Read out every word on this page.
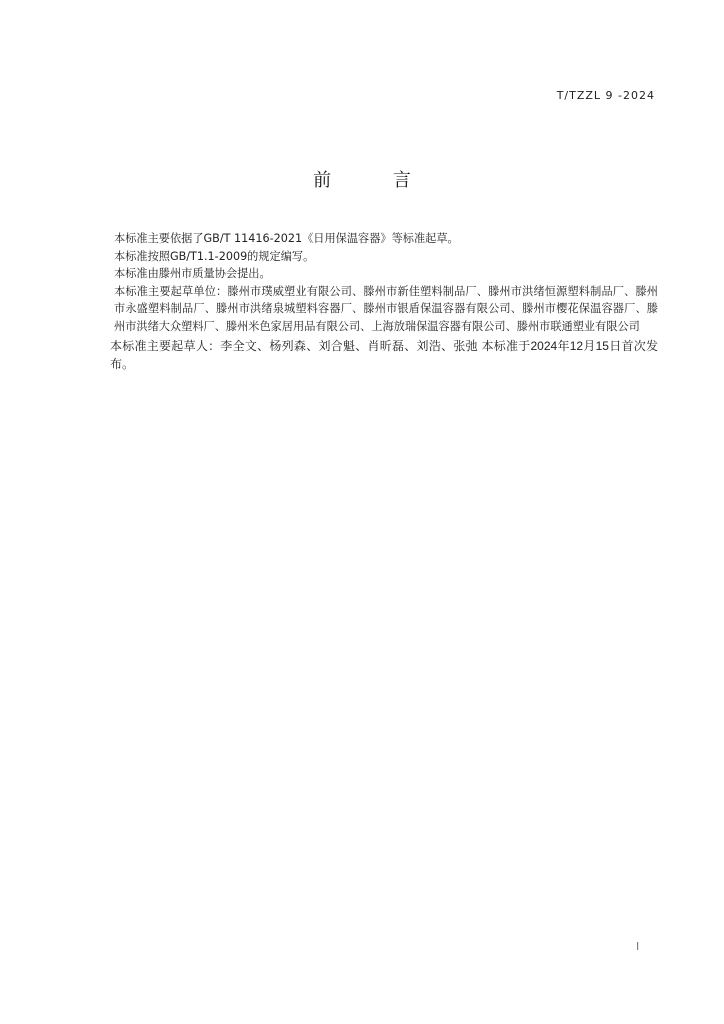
T/TZZL 9 -2024
前 言

本标准主要依据了GB/T 11416-2021《日用保温容器》等标准起草。

本标准按照GB/T1.1-2009的规定编写。

本标准由滕州市质量协会提出。

本标准主要起草单位：滕州市璞威塑业有限公司、滕州市新佳塑料制品厂、滕州市洪绪恒源塑料制品厂、滕州市永盛塑料制品厂、滕州市洪绪泉城塑料容器厂、滕州市银盾保温容器有限公司、滕州市樱花保温容器厂、滕州市洪绪大众塑料厂、滕州米色家居用品有限公司、上海放瑞保温容器有限公司、滕州市联通塑业有限公司

本标准主要起草人：李全文、杨列森、刘合魁、肖昕磊、刘浩、张弛 本标准于2024年12月15日首次发布。

I
